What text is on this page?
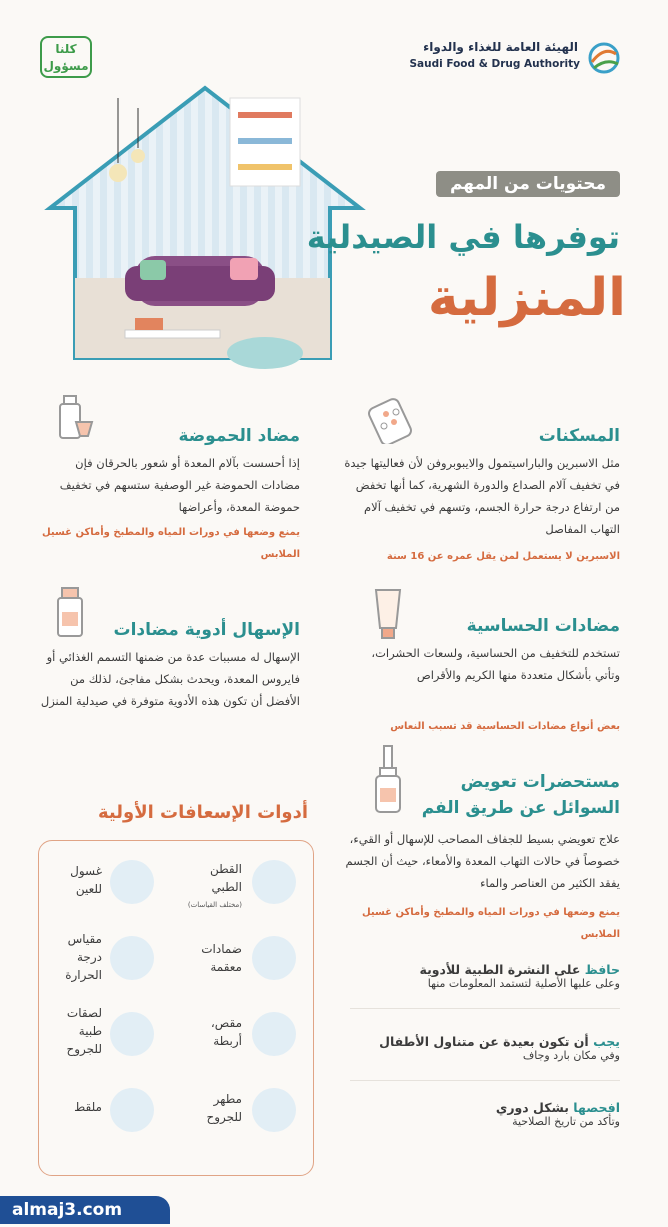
كلنا
مسؤول
الهيئة العامة للغذاء والدواء
Saudi Food & Drug Authority
محتويات من المهم
توفرها في الصيدلية
المنزلية
المسكنات
مثل الاسبرين والباراسيتمول والايبوبروفن لأن فعاليتها جيدة في تخفيف آلام الصداع والدورة الشهرية، كما أنها تخفض من ارتفاع درجة حرارة الجسم، وتسهم في تخفيف آلام التهاب المفاصل
الاسبرين لا يستعمل لمن يقل عمره عن 16 سنة
مضاد الحموضة
إذا أحسست بآلام المعدة أو شعور بالحرقان فإن مضادات الحموضة غير الوصفية ستسهم في تخفيف حموضة المعدة، وأعراضها
يمنع وضعها في دورات المياه والمطبخ وأماكن غسيل الملابس
مضادات الحساسية
تستخدم للتخفيف من الحساسية، ولسعات الحشرات، وتأتي بأشكال متعددة منها الكريم والأقراص
بعض أنواع مضادات الحساسية قد تسبب النعاس
الإسهال أدوية مضادات
الإسهال له مسببات عدة من ضمنها التسمم الغذائي أو فايروس المعدة، ويحدث بشكل مفاجئ، لذلك من الأفضل أن تكون هذه الأدوية متوفرة في صيدلية المنزل
مستحضرات تعويض
السوائل عن طريق الفم
علاج تعويضي بسيط للجفاف المصاحب للإسهال أو القيء، خصوصاً في حالات التهاب المعدة والأمعاء، حيث أن الجسم يفقد الكثير من العناصر والماء
يمنع وضعها في دورات المياه والمطبخ وأماكن غسيل الملابس
أدوات الإسعافات الأولية
القطن الطبي
(مختلف القياسات)
غسول للعين
ضمادات معقمة
مقياس درجة الحرارة
مقص، أربطة
لصقات طبية للجروح
مطهر للجروح
ملقط
حافظ على النشرة الطبية للأدوية
وعلى علبها الأصلية لتستمد المعلومات منها
يجب أن تكون بعيدة عن متناول الأطفال
وفي مكان بارد وجاف
افحصها بشكل دوري
وتأكد من تاريخ الصلاحية
almaj3.com
